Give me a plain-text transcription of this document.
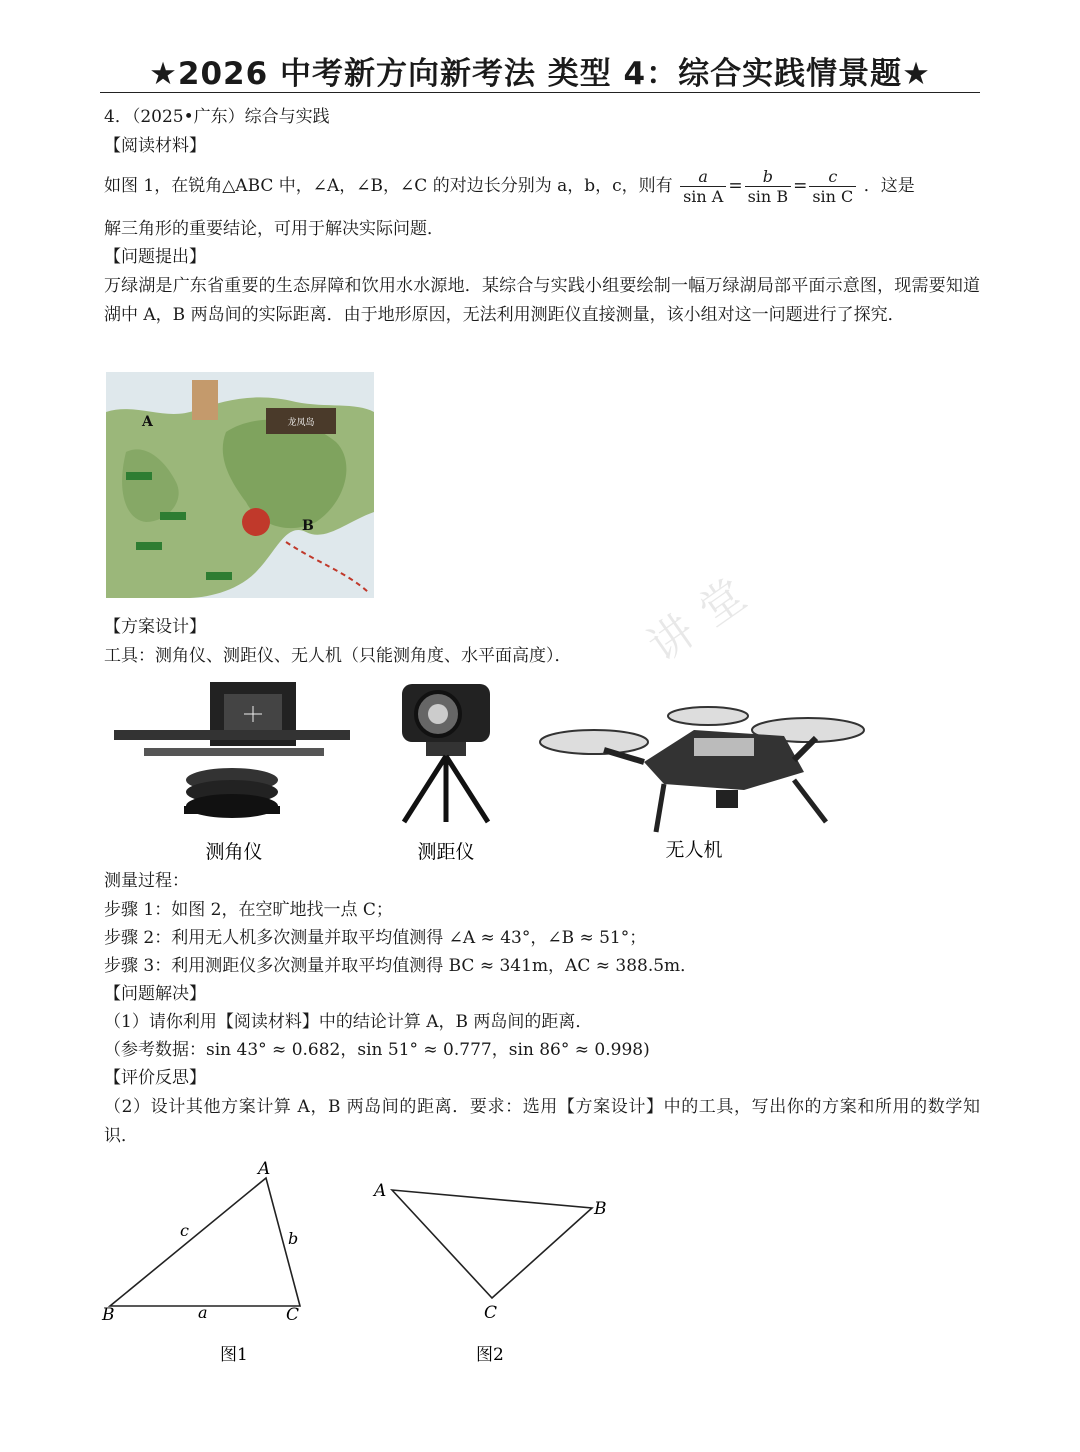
★2026 中考新方向新考法 类型 4：综合实践情景题★
4．（2025•广东）综合与实践
【阅读材料】
如图 1，在锐角△ABC 中，∠A，∠B，∠C 的对边长分别为 a，b，c，则有 $\frac{a}{\text{sin A}} = \frac{b}{\text{sin B}} = \frac{c}{\text{sin C}}$ ．这是
解三角形的重要结论，可用于解决实际问题．
【问题提出】
万绿湖是广东省重要的生态屏障和饮用水水源地．某综合与实践小组要绘制一幅万绿湖局部平面示意图，现需要知道湖中 A，B 两岛间的实际距离．由于地形原因，无法利用测距仪直接测量，该小组对这一问题进行了探究．
龙凤岛
A
B
【方案设计】
工具：测角仪、测距仪、无人机（只能测角度、水平面高度）． 讲堂
测角仪	测距仪	无人机
测量过程：
步骤 1：如图 2，在空旷地找一点 C；
步骤 2：利用无人机多次测量并取平均值测得 ∠A ≈ 43°，∠B ≈ 51°；
步骤 3：利用测距仪多次测量并取平均值测得 BC ≈ 341m，AC ≈ 388.5m．
【问题解决】
（1）请你利用【阅读材料】中的结论计算 A，B 两岛间的距离．
（参考数据：sin 43° ≈ 0.682，sin 51° ≈ 0.777，sin 86° ≈ 0.998)
【评价反思】
（2）设计其他方案计算 A，B 两岛间的距离．要求：选用【方案设计】中的工具，写出你的方案和所用的数学知识．
A
B	C
a
b
c
图1
A
B
C
图2
